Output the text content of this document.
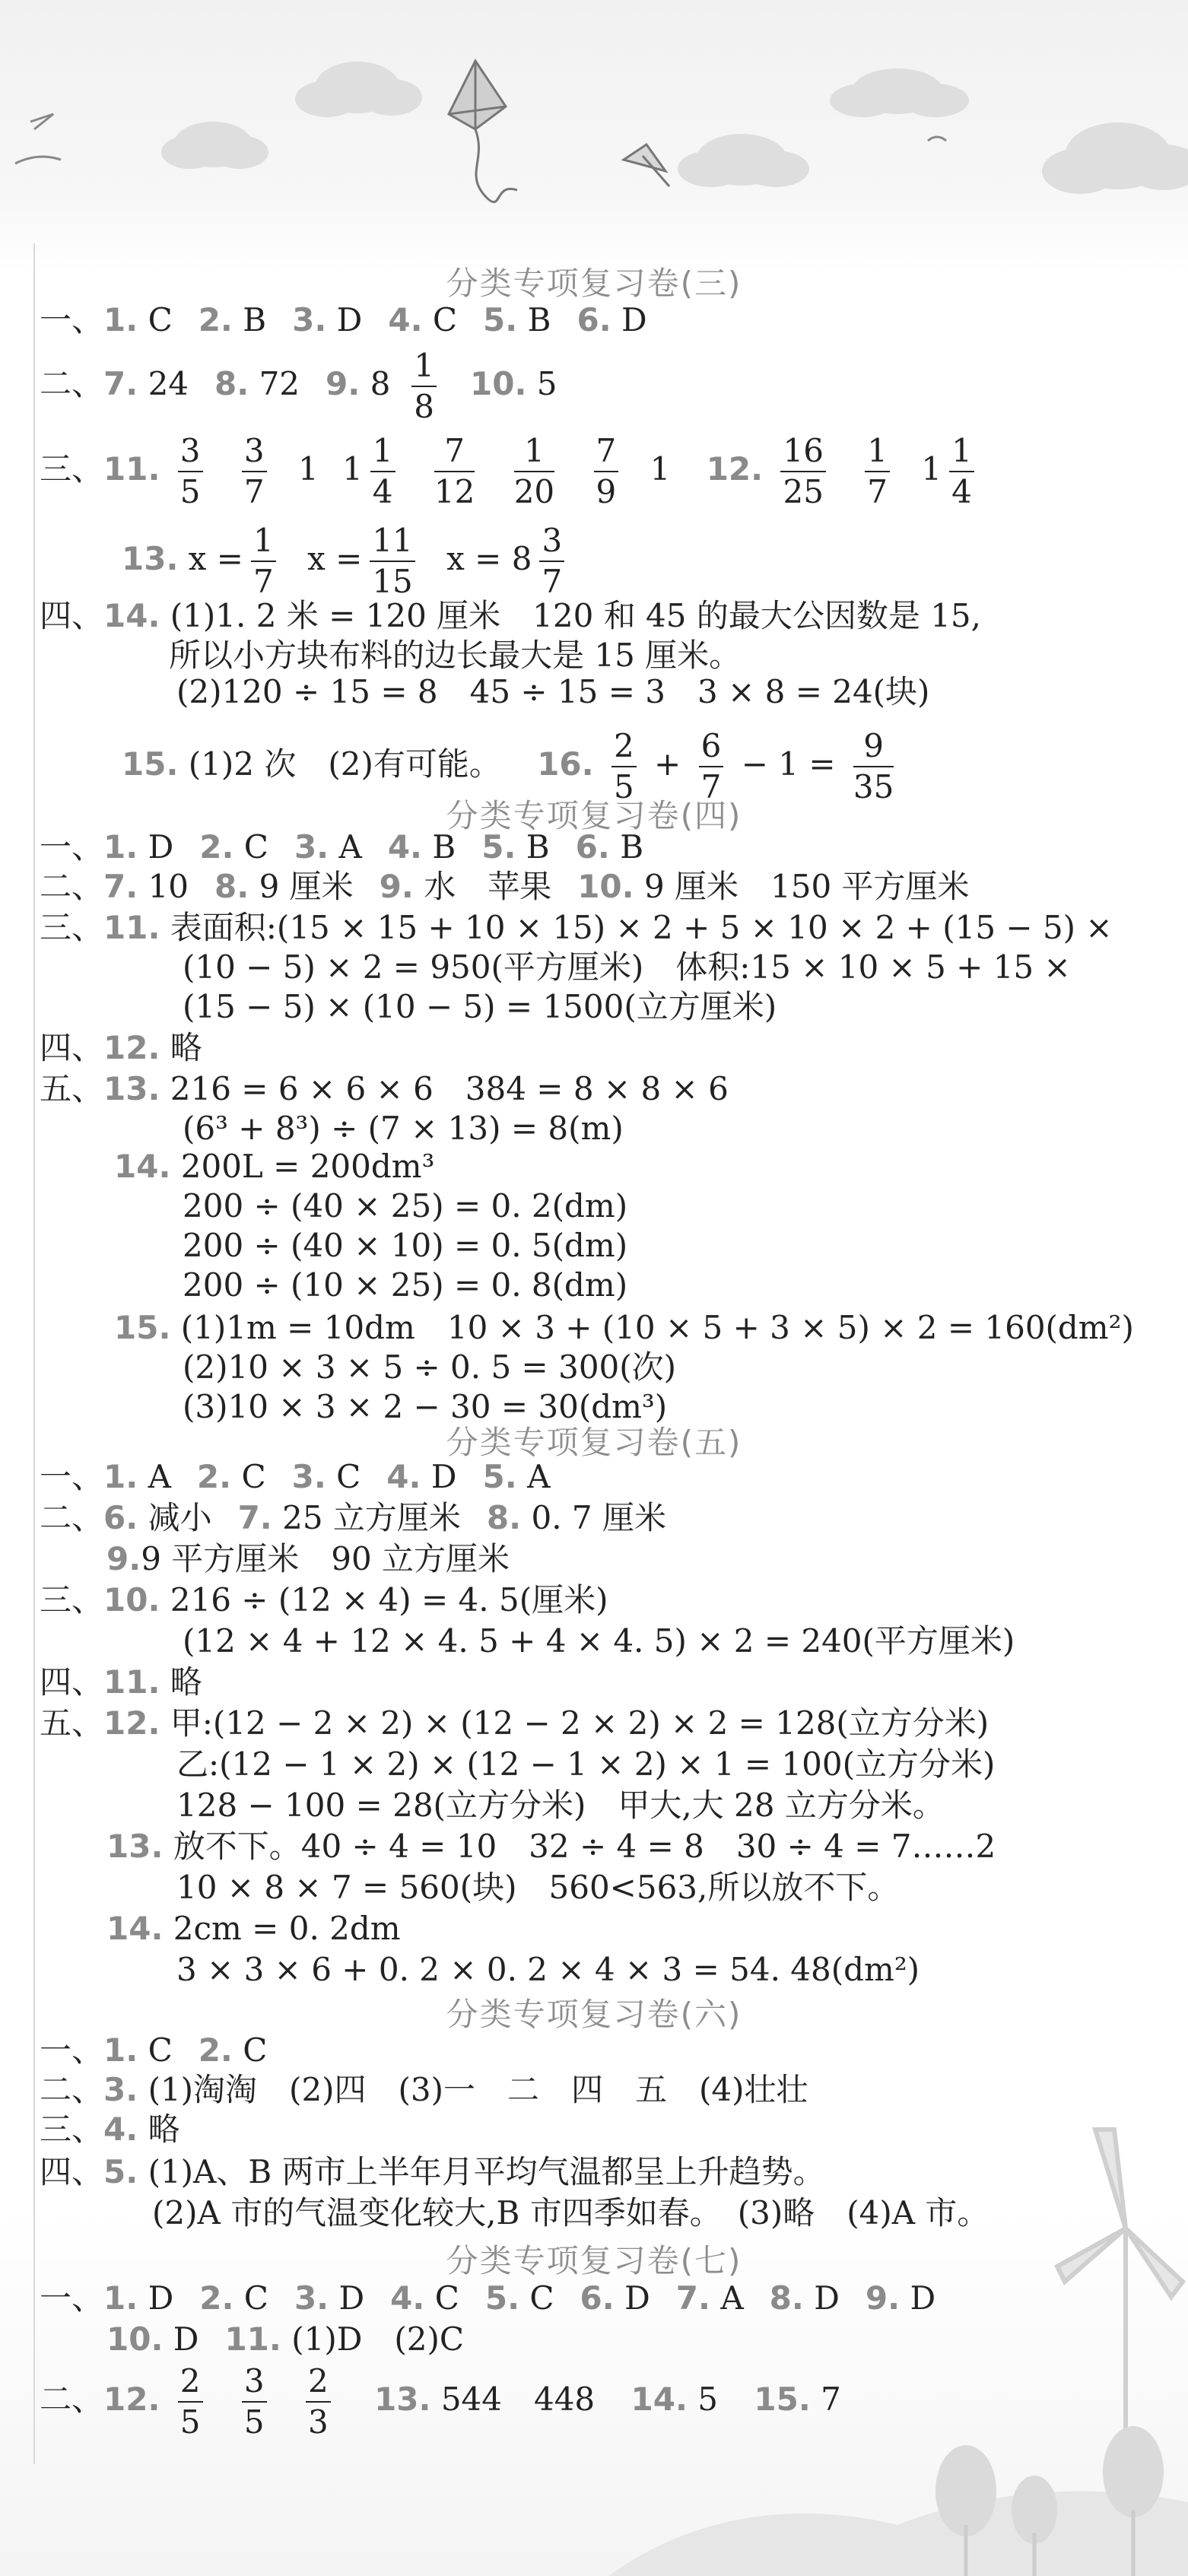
分类专项复习卷(三)
一、1. C 2. B 3. D 4. C 5. B 6. D
二、7. 24 8. 72 9. $8 \frac{1}{8} 10$. 5
三、11. $\frac{3}{5}$
$\frac{3}{7} 1$ $1 \frac{1}{4}$
$\frac{7}{12}$
$\frac{1}{20}$
$\frac{7}{9} 1$ 12. $\frac{16}{25}$
$\frac{1}{7} 1 \frac{1}{4}$
13. $x = \frac{1}{7}$ $x = \frac{11}{15}$ $x = 8 \frac{3}{7}$
四、14. (1)1. 2 米 = 120 厘米　120 和 45 的最大公因数是 15,
所以小方块布料的边长最大是 15 厘米。
(2)120 ÷ 15 = 8　45 ÷ 15 = 3　3 × 8 = 24(块)
15. (1)2 次　(2)有可能。 16. $\frac{2}{5} + \frac{6}{7} - 1 = \frac{9}{35}$
分类专项复习卷(四)
一、1. D 2. C 3. A 4. B 5. B 6. B
二、7. 10 8. 9 厘米 9. 水　苹果 10. 9 厘米　150 平方厘米
三、11. 表面积:(15 × 15 + 10 × 15) × 2 + 5 × 10 × 2 + (15 − 5) ×
(10 − 5) × 2 = 950(平方厘米)　体积:15 × 10 × 5 + 15 ×
(15 − 5) × (10 − 5) = 1500(立方厘米)
四、12. 略
五、13. 216 = 6 × 6 × 6　384 = 8 × 8 × 6
(6³ + 8³) ÷ (7 × 13) = 8(m)
14. 200L = 200dm³
200 ÷ (40 × 25) = 0. 2(dm)
200 ÷ (40 × 10) = 0. 5(dm)
200 ÷ (10 × 25) = 0. 8(dm)
15. (1)1m = 10dm　10 × 3 + (10 × 5 + 3 × 5) × 2 = 160(dm²)
(2)10 × 3 × 5 ÷ 0. 5 = 300(次)
(3)10 × 3 × 2 − 30 = 30(dm³)
分类专项复习卷(五)
一、1. A 2. C 3. C 4. D 5. A
二、6. 减小 7. 25 立方厘米 8. 0. 7 厘米
9.9 平方厘米　90 立方厘米
三、10. 216 ÷ (12 × 4) = 4. 5(厘米)
(12 × 4 + 12 × 4. 5 + 4 × 4. 5) × 2 = 240(平方厘米)
四、11. 略
五、12. 甲:(12 − 2 × 2) × (12 − 2 × 2) × 2 = 128(立方分米)
乙:(12 − 1 × 2) × (12 − 1 × 2) × 1 = 100(立方分米)
128 − 100 = 28(立方分米)　甲大,大 28 立方分米。
13. 放不下。40 ÷ 4 = 10　32 ÷ 4 = 8　30 ÷ 4 = 7……2
10 × 8 × 7 = 560(块)　560<563,所以放不下。
14. 2cm = 0. 2dm
3 × 3 × 6 + 0. 2 × 0. 2 × 4 × 3 = 54. 48(dm²)
分类专项复习卷(六)
一、1. C 2. C
二、3. (1)淘淘　(2)四　(3)一　二　四　五　(4)壮壮
三、4. 略
四、5. (1)A、B 两市上半年月平均气温都呈上升趋势。
(2)A 市的气温变化较大,B 市四季如春。　(3)略　(4)A 市。
分类专项复习卷(七)
一、1. D 2. C 3. D 4. C 5. C 6. D 7. A 8. D 9. D
10. D 11. (1)D　(2)C
二、12. $\frac{2}{5}$
$\frac{3}{5}$
$\frac{2}{3} 13$. 544　448 14. 5 15. 7
